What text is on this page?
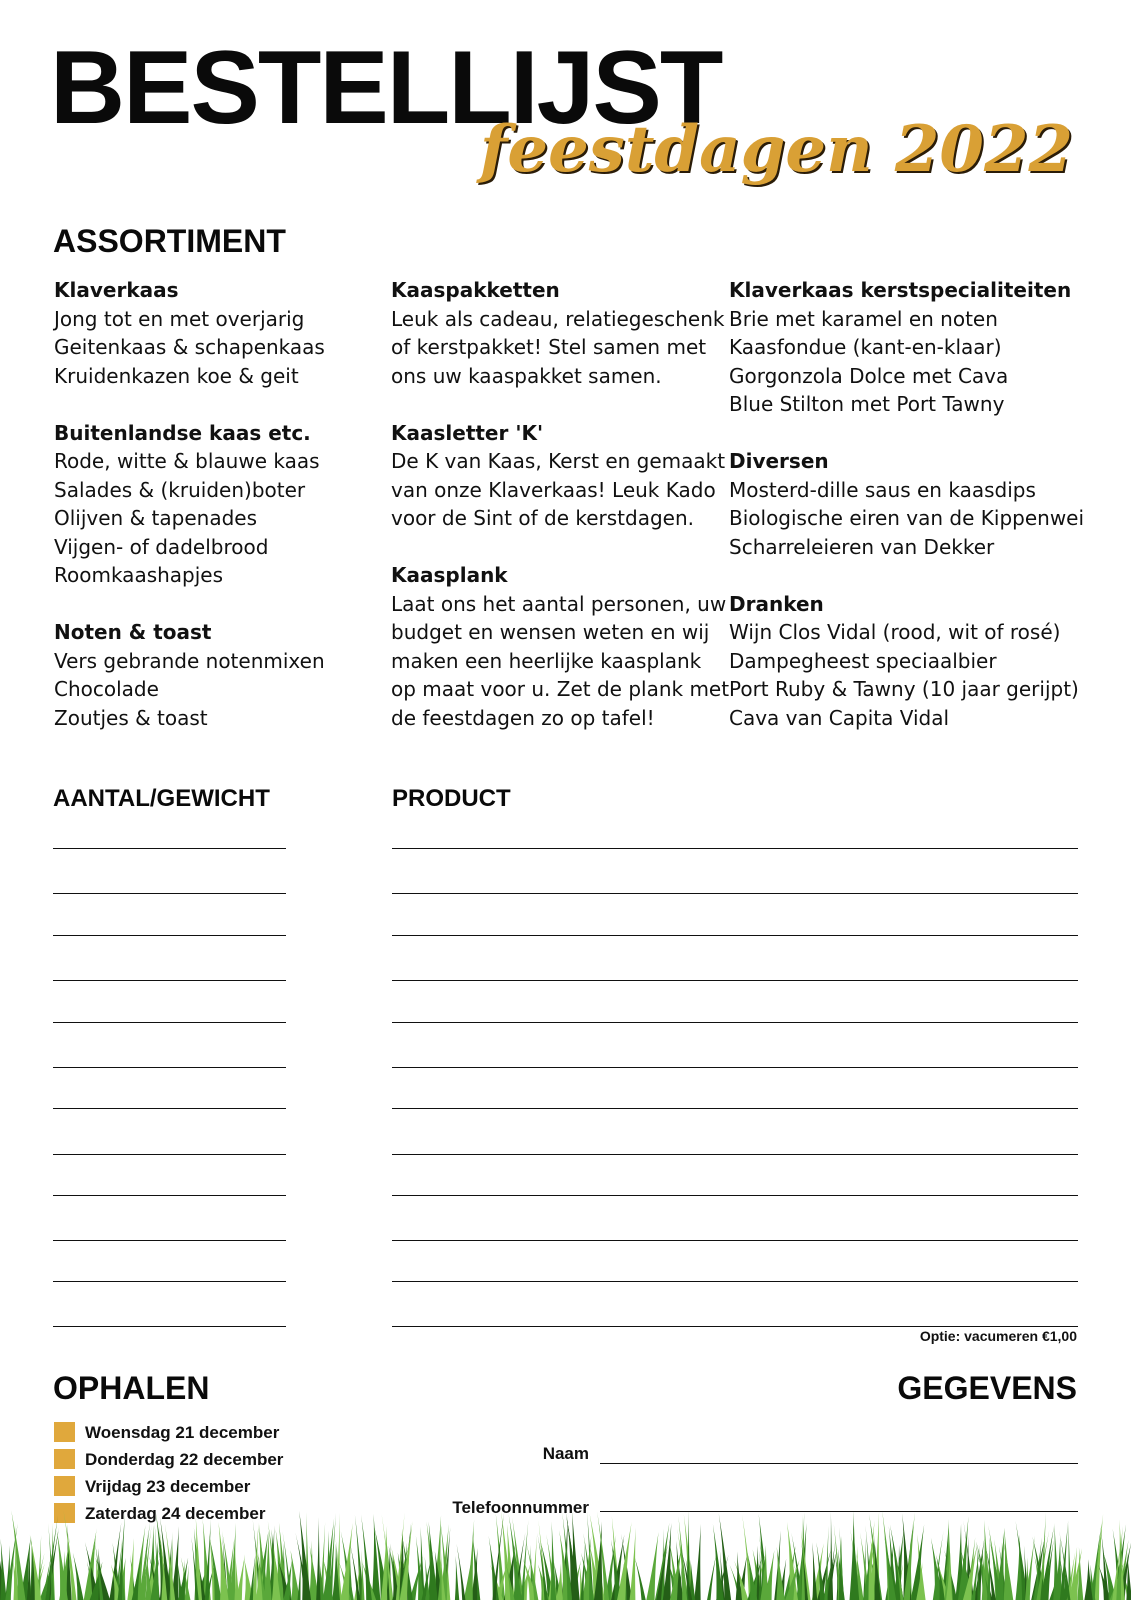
BESTELLIJST
feestdagen 2022
ASSORTIMENT
Klaverkaas
Jong tot en met overjarig
Geitenkaas & schapenkaas
Kruidenkazen koe & geit
Buitenlandse kaas etc.
Rode, witte & blauwe kaas
Salades & (kruiden)boter
Olijven & tapenades
Vijgen- of dadelbrood
Roomkaashapjes
Noten & toast
Vers gebrande notenmixen
Chocolade
Zoutjes & toast
Kaaspakketten
Leuk als cadeau, relatiegeschenk
of kerstpakket! Stel samen met
ons uw kaaspakket samen.
Kaasletter 'K'
De K van Kaas, Kerst en gemaakt
van onze Klaverkaas! Leuk Kado
voor de Sint of de kerstdagen.
Kaasplank
Laat ons het aantal personen, uw
budget en wensen weten en wij
maken een heerlijke kaasplank
op maat voor u. Zet de plank met
de feestdagen zo op tafel!
Klaverkaas kerstspecialiteiten
Brie met karamel en noten
Kaasfondue (kant-en-klaar)
Gorgonzola Dolce met Cava
Blue Stilton met Port Tawny
Diversen
Mosterd-dille saus en kaasdips
Biologische eiren van de Kippenwei
Scharreleieren van Dekker
Dranken
Wijn Clos Vidal (rood, wit of rosé)
Dampegheest speciaalbier
Port Ruby & Tawny (10 jaar gerijpt)
Cava van Capita Vidal
AANTAL/GEWICHT	PRODUCT
Optie: vacumeren €1,00
OPHALEN	GEGEVENS
Woensdag 21 december
Donderdag 22 december
Vrijdag 23 december
Zaterdag 24 december
Naam
Telefoonnummer
